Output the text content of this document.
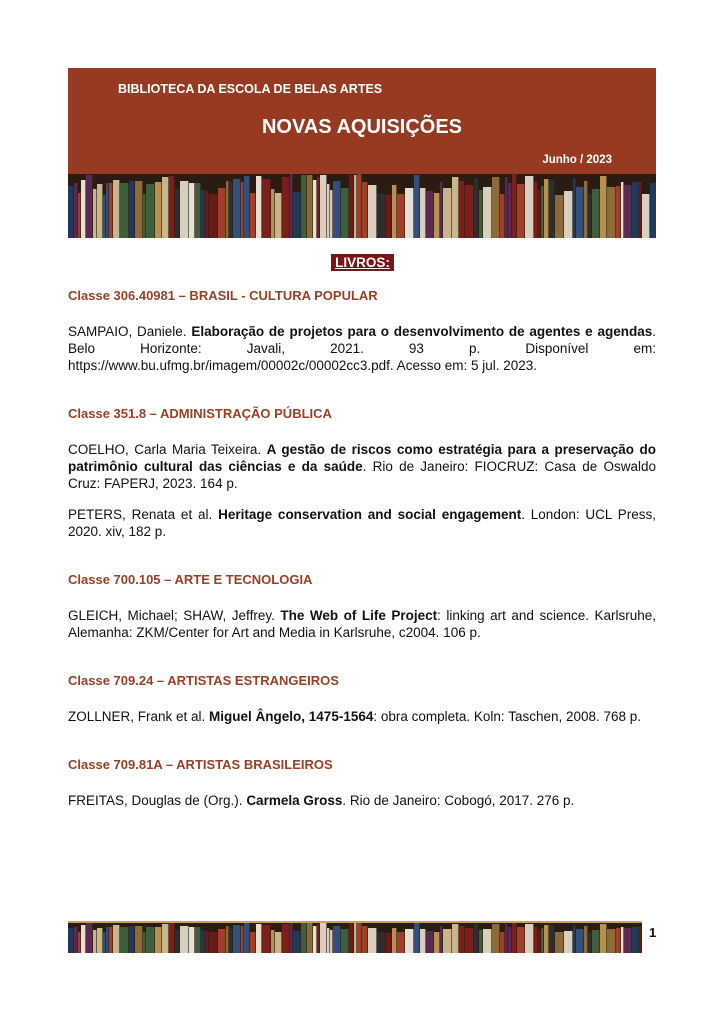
BIBLIOTECA DA ESCOLA DE BELAS ARTES
NOVAS AQUISIÇÕES
Junho / 2023
LIVROS:

Classe 306.40981 – BRASIL - CULTURA POPULAR

SAMPAIO, Daniele. Elaboração de projetos para o desenvolvimento de agentes e agendas. Belo Horizonte: Javali, 2021. 93 p. Disponível em: https://www.bu.ufmg.br/imagem/00002c/00002cc3.pdf. Acesso em: 5 jul. 2023.

Classe 351.8 – ADMINISTRAÇÃO PÚBLICA

COELHO, Carla Maria Teixeira. A gestão de riscos como estratégia para a preservação do patrimônio cultural das ciências e da saúde. Rio de Janeiro: FIOCRUZ: Casa de Oswaldo Cruz: FAPERJ, 2023. 164 p.

PETERS, Renata et al. Heritage conservation and social engagement. London: UCL Press, 2020. xiv, 182 p.

Classe 700.105 – ARTE E TECNOLOGIA

GLEICH, Michael; SHAW, Jeffrey. The Web of Life Project: linking art and science. Karlsruhe, Alemanha: ZKM/Center for Art and Media in Karlsruhe, c2004. 106 p.

Classe 709.24 – ARTISTAS ESTRANGEIROS

ZOLLNER, Frank et al. Miguel Ângelo, 1475-1564: obra completa. Koln: Taschen, 2008. 768 p.

Classe 709.81A – ARTISTAS BRASILEIROS

FREITAS, Douglas de (Org.). Carmela Gross. Rio de Janeiro: Cobogó, 2017. 276 p.

1
